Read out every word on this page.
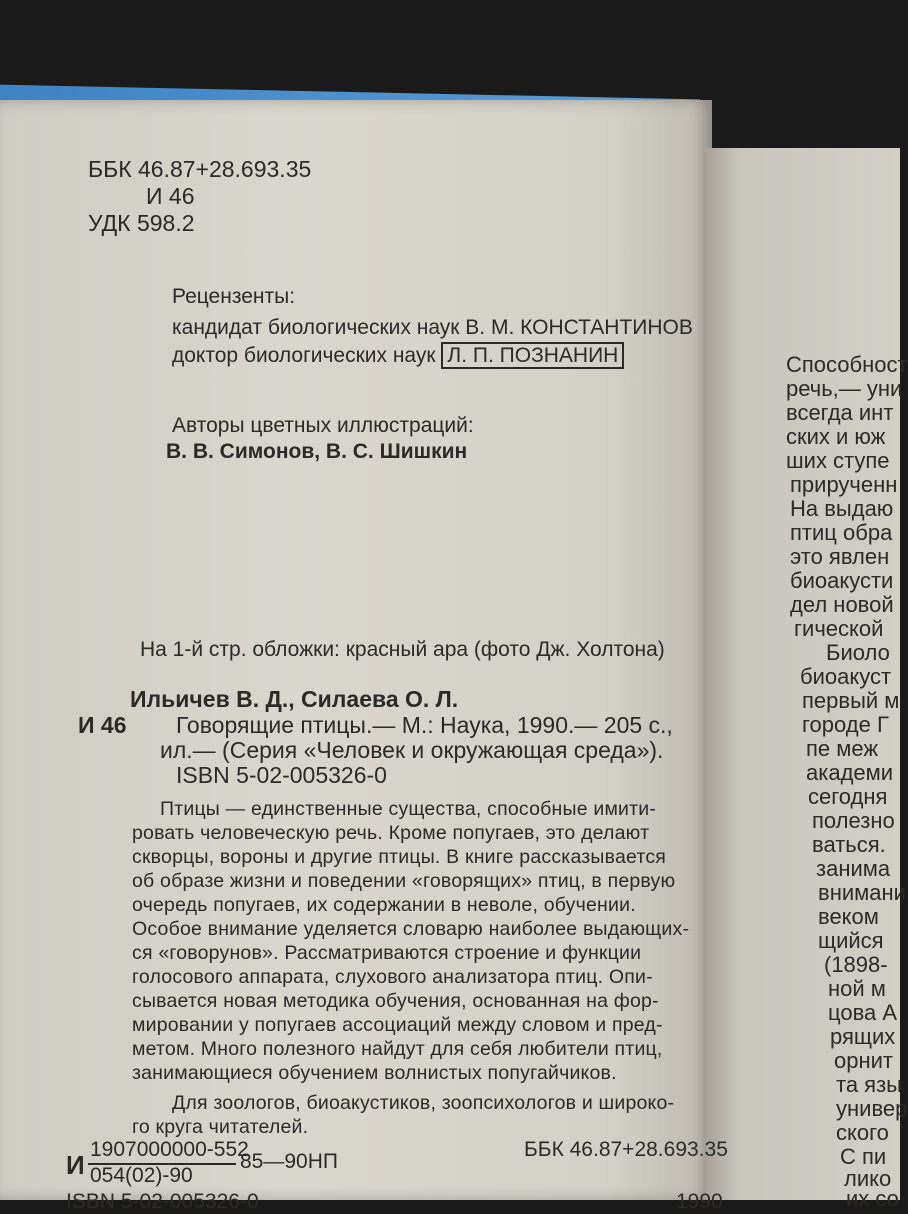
ББК 46.87+28.693.35
И 46
УДК 598.2
Рецензенты:
кандидат биологических наук В. М. КОНСТАНТИНОВ
доктор биологических наук Л. П. ПОЗНАНИН
Авторы цветных иллюстраций:
В. В. Симонов, В. С. Шишкин
На 1-й стр. обложки: красный ара (фото Дж. Холтона)
Ильичев В. Д., Силаева О. Л.
И 46 Говорящие птицы.— М.: Наука, 1990.— 205 с.,
ил.— (Серия «Человек и окружающая среда»).
ISBN 5-02-005326-0
Птицы — единственные существа, способные имити-
ровать человеческую речь. Кроме попугаев, это делают
скворцы, вороны и другие птицы. В книге рассказывается
об образе жизни и поведении «говорящих» птиц, в первую
очередь попугаев, их содержании в неволе, обучении.
Особое внимание уделяется словарю наиболее выдающих-
ся «говорунов». Рассматриваются строение и функции
голосового аппарата, слухового анализатора птиц. Опи-
сывается новая методика обучения, основанная на фор-
мировании у попугаев ассоциаций между словом и пред-
метом. Много полезного найдут для себя любители птиц,
занимающиеся обучением волнистых попугайчиков.
Для зоологов, биоакустиков, зоопсихологов и широко-
го круга читателей.
И
1907000000-552
054(02)-90
85—90НП
ББК 46.87+28.693.35
ISBN 5-02-005326-0	1990
Способност
речь,— уни
всегда инт
ских и юж
ших ступе
прирученн
На выдаю
птиц обра
это явлен
биоакусти
дел новой
гической
Биоло
биоакуст
первый м
городе Г
пе меж
академи
сегодня
полезно
ваться.
занима
внимани
веком
щийся
(1898-
ной м
цова А
рящих
орнит
та язы
универ
ского
С пи
лико
их со
